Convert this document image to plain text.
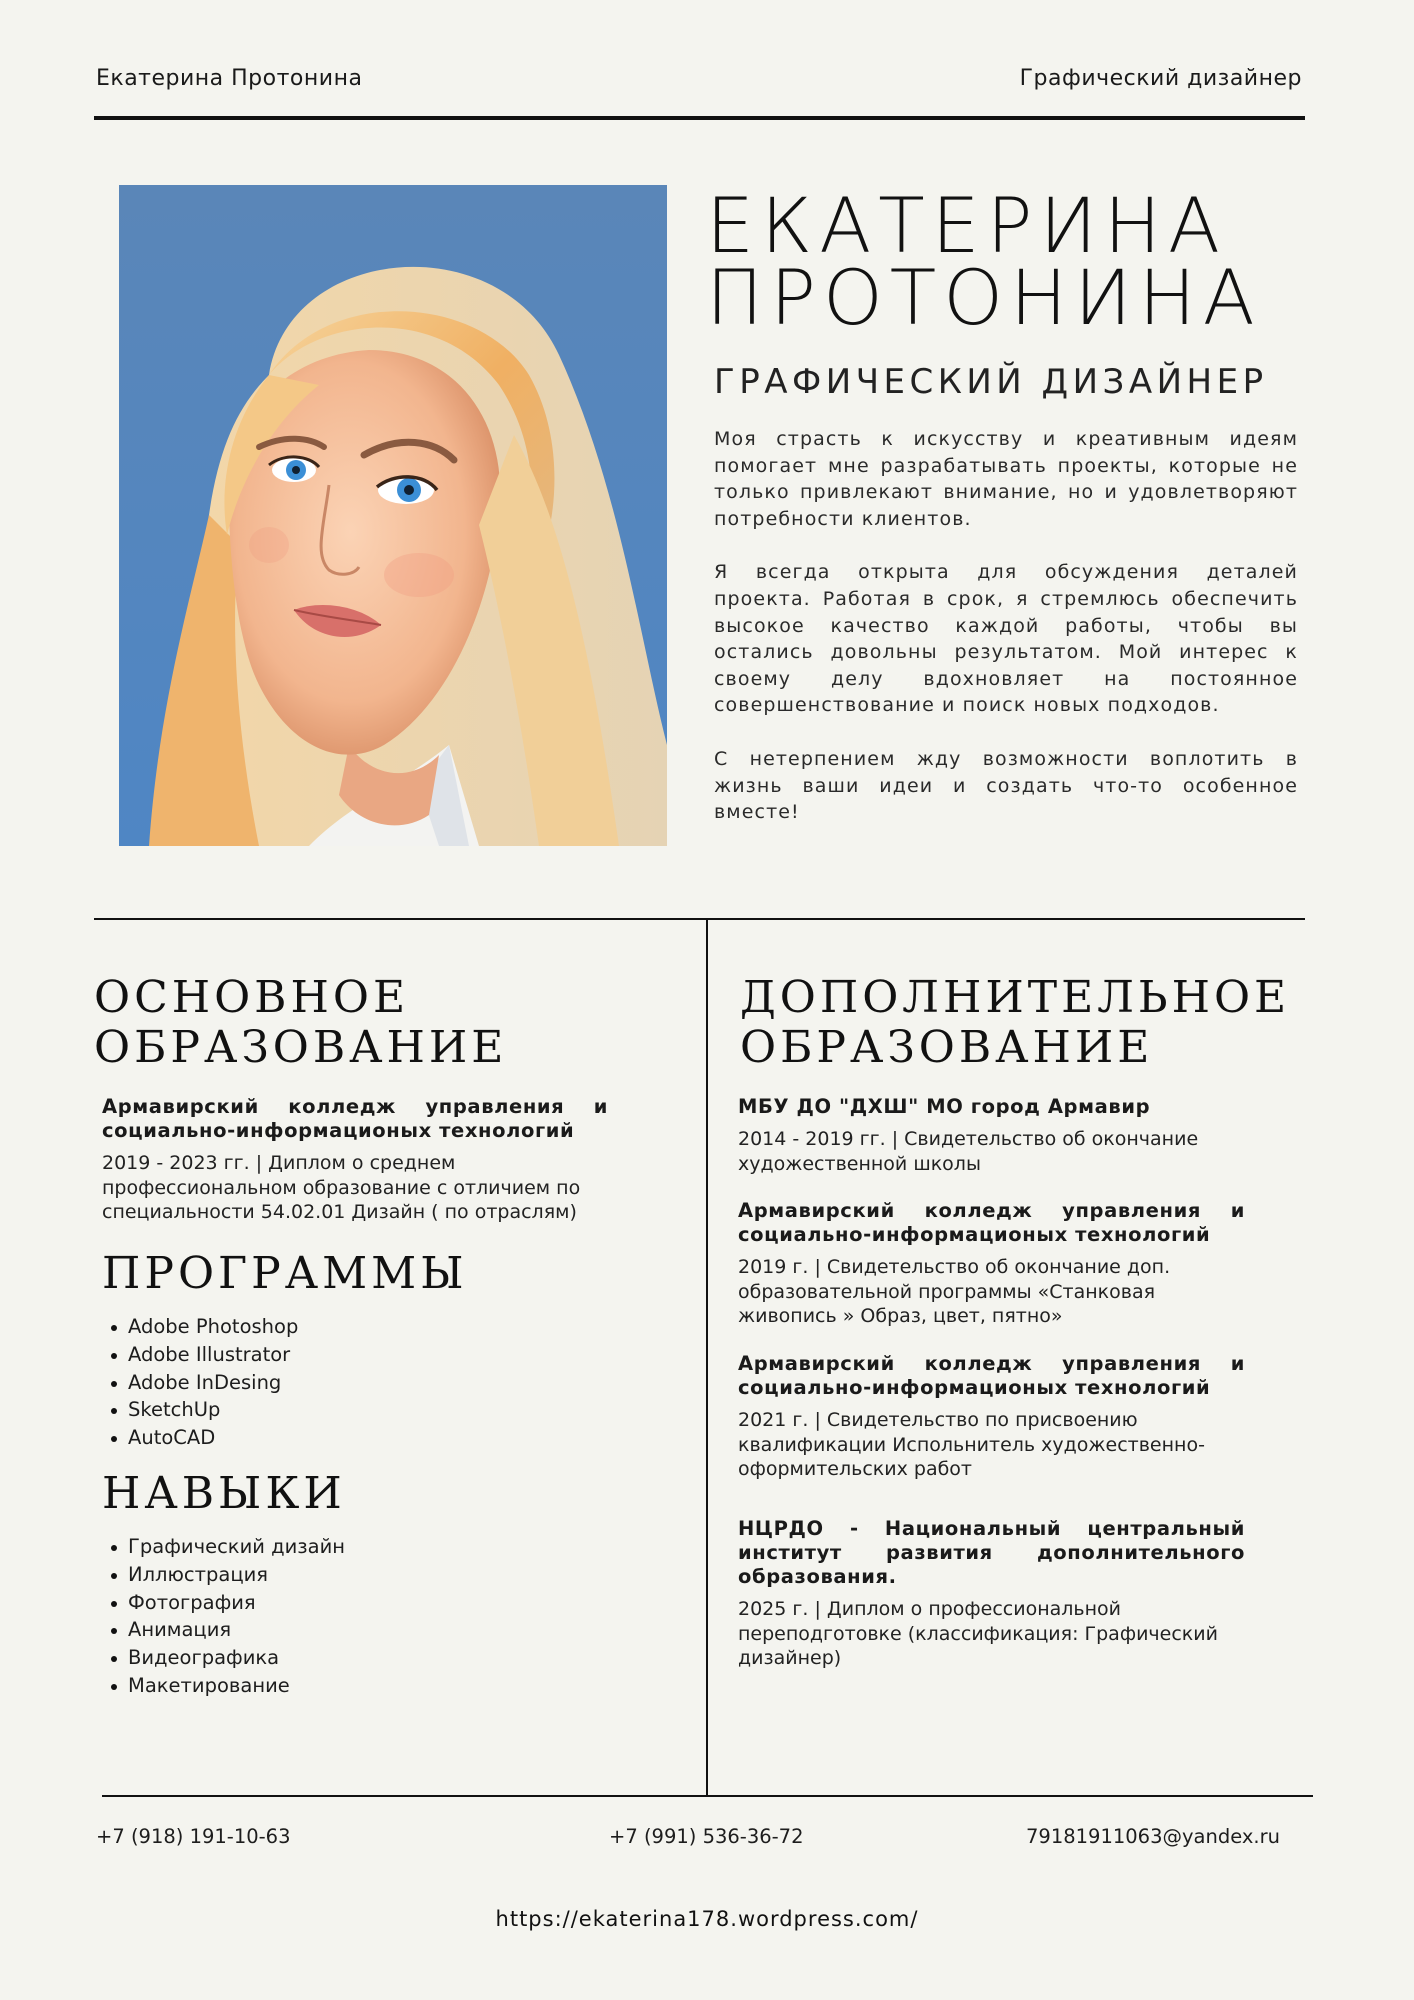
Екатерина Протонина	Графический дизайнер
ЕКАТЕРИНА
ПРОТОНИНА
ГРАФИЧЕСКИЙ ДИЗАЙНЕР

Моя страсть к искусству и креативным идеям помогает мне разрабатывать проекты, которые не только привлекают внимание, но и удовлетворяют потребности клиентов.

Я всегда открыта для обсуждения деталей проекта. Работая в срок, я стремлюсь обеспечить высокое качество каждой работы, чтобы вы остались довольны результатом. Мой интерес к своему делу вдохновляет на постоянное совершенствование и поиск новых подходов.

С нетерпением жду возможности воплотить в жизнь ваши идеи и создать что-то особенное вместе!

ОСНОВНОЕ
ОБРАЗОВАНИЕ

Армавирский колледж управления и социально-информационых технологий

2019 - 2023 гг. | Диплом о среднем профессиональном образование с отличием по специальности 54.02.01 Дизайн ( по отраслям)

ПРОГРАММЫ
Adobe Photoshop
Adobe Illustrator
Adobe InDesing
SketchUp
AutoCAD
НАВЫКИ
Графический дизайн
Иллюстрация
Фотография
Анимация
Видеографика
Макетирование
ДОПОЛНИТЕЛЬНОЕ
ОБРАЗОВАНИЕ

МБУ ДО "ДХШ" МО город Армавир

2014 - 2019 гг. | Свидетельство об окончание художественной школы

Армавирский колледж управления и социально-информационых технологий

2019 г. | Свидетельство об окончание доп. образовательной программы «Станковая живопись » Образ, цвет, пятно»

Армавирский колледж управления и социально-информационых технологий

2021 г. | Свидетельство по присвоению квалификации Испольнитель художественно-оформительских работ

НЦРДО - Национальный центральный институт развития дополнительного образования.

2025 г. | Диплом о профессиональной переподготовке (классификация: Графический дизайнер)

+7 (918) 191-10-63	+7 (991) 536-36-72	79181911063@yandex.ru
https://ekaterina178.wordpress.com/
